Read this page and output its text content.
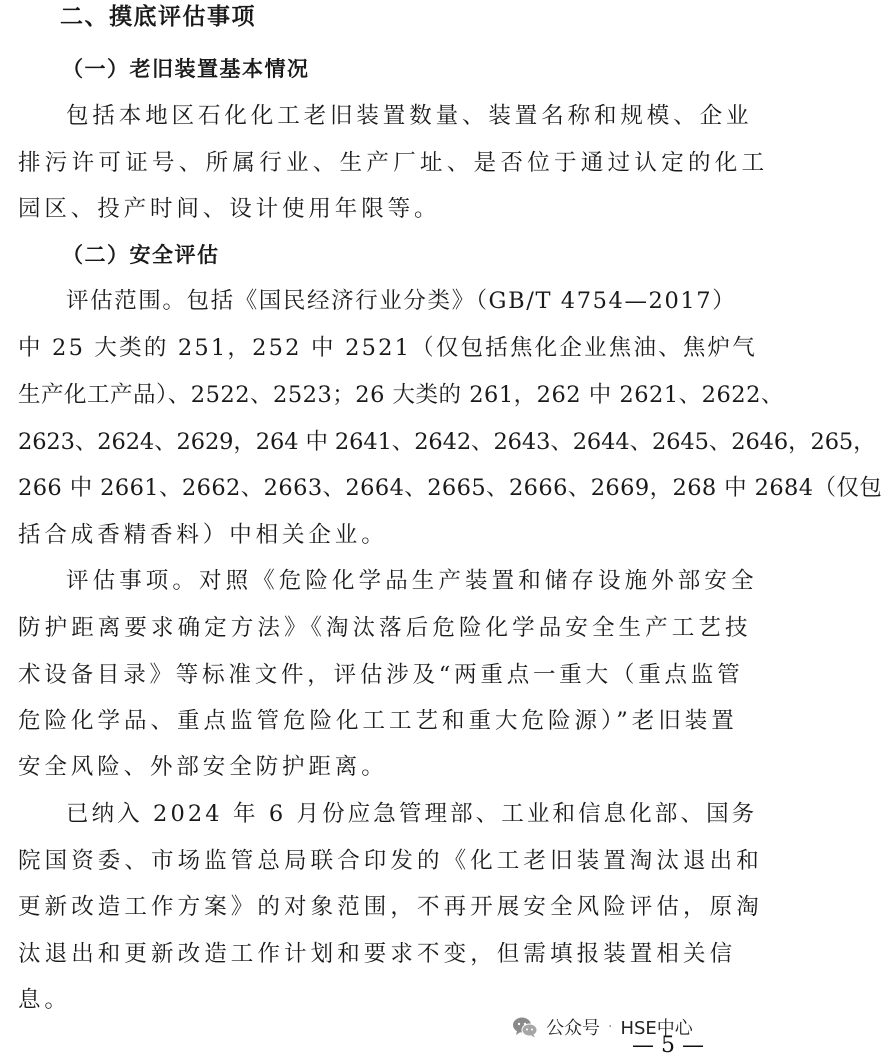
二、摸底评估事项
（一）老旧装置基本情况
包括本地区石化化工老旧装置数量、装置名称和规模、企业
排污许可证号、所属行业、生产厂址、是否位于通过认定的化工
园区、投产时间、设计使用年限等。
（二）安全评估
评估范围。包括《国民经济行业分类》（GB/T 4754—2017）
中 25 大类的 251，252 中 2521（仅包括焦化企业焦油、焦炉气
生产化工产品）、2522、2523；26 大类的 261，262 中 2621、2622、
2623、2624、2629，264 中 2641、2642、2643、2644、2645、2646，265，
266 中 2661、2662、2663、2664、2665、2666、2669，268 中 2684（仅包
括合成香精香料）中相关企业。
评估事项。对照《危险化学品生产装置和储存设施外部安全
防护距离要求确定方法》《淘汰落后危险化学品安全生产工艺技
术设备目录》等标准文件，评估涉及“两重点一重大（重点监管
危险化学品、重点监管危险化工工艺和重大危险源）”老旧装置
安全风险、外部安全防护距离。
已纳入 2024 年 6 月份应急管理部、工业和信息化部、国务
院国资委、市场监管总局联合印发的《化工老旧装置淘汰退出和
更新改造工作方案》的对象范围，不再开展安全风险评估，原淘
汰退出和更新改造工作计划和要求不变，但需填报装置相关信
息。
公众号 · HSE中心
— 5 —
